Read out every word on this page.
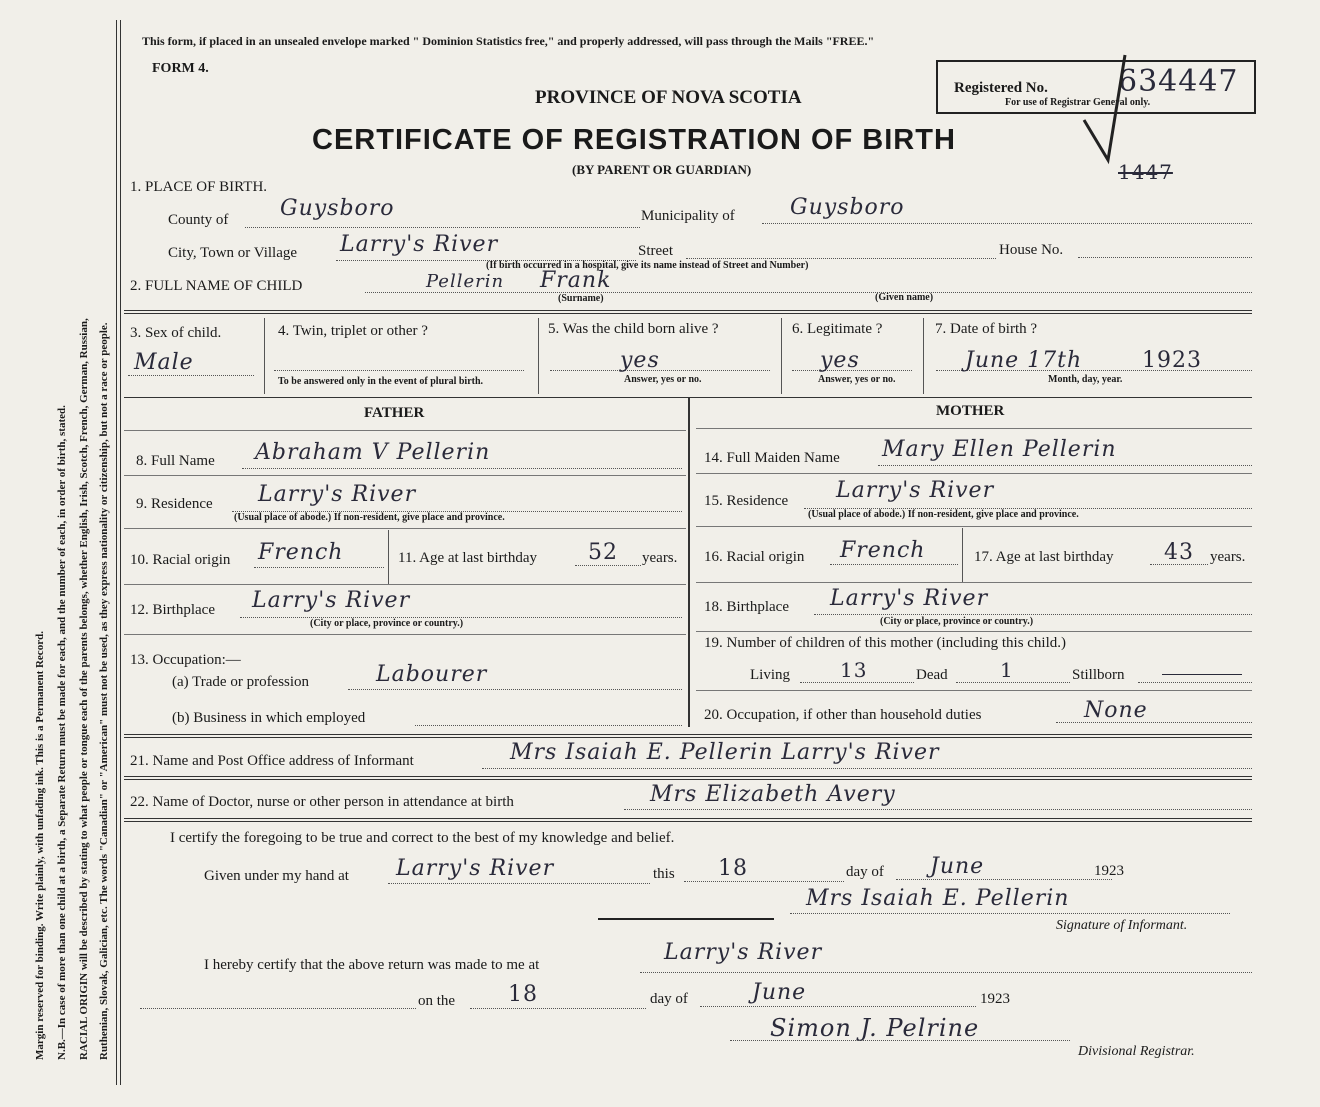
Margin reserved for binding. Write plainly, with unfading ink. This is a Permanent Record. N.B.—In case of more than one child at a birth, a Separate Return must be made for each, and the number of each, in order of birth, stated. RACIAL ORIGIN will be described by stating to what people or tongue each of the parents belongs, whether English, Irish, Scotch, French, German, Russian, Ruthenian, Slovak, Galician, etc. The words "Canadian" or "American" must not be used, as they express nationality or citizenship, but not a race or people.
This form, if placed in an unsealed envelope marked " Dominion Statistics free," and properly addressed, will pass through the Mails "FREE."
FORM 4.
PROVINCE OF NOVA SCOTIA	Registered No.
For use of Registrar General only.
634447
CERTIFICATE OF REGISTRATION OF BIRTH
(BY PARENT OR GUARDIAN)	1447
1. PLACE OF BIRTH.
County of Guysboro	Municipality of	Guysboro
City, Town or Village Larry's River	Street	House No.
(If birth occurred in a hospital, give its name instead of Street and Number)
2. FULL NAME OF CHILD	Pellerin Frank
(Surname)	(Given name)
3. Sex of child.
Male
4. Twin, triplet or other ?
To be answered only in the event of plural birth.
5. Was the child born alive ?
yes
Answer, yes or no.
6. Legitimate ?
yes
Answer, yes or no.
7. Date of birth ?
June 17th	1923
Month, day, year.
FATHER	MOTHER
8. Full Name Abraham V Pellerin
9. Residence Larry's River
(Usual place of abode.) If non-resident, give place and province.
10. Racial origin French	11. Age at last birthday 52 years.
12. Birthplace Larry's River
(City or place, province or country.)
13. Occupation:—
(a) Trade or profession	Labourer
(b) Business in which employed
14. Full Maiden Name Mary Ellen Pellerin
15. Residence Larry's River
(Usual place of abode.) If non-resident, give place and province.
16. Racial origin French	17. Age at last birthday 43 years.
18. Birthplace Larry's River
(City or place, province or country.)
19. Number of children of this mother (including this child.)
Living	13	Dead	1	Stillborn
20. Occupation, if other than household duties	None
21. Name and Post Office address of Informant	Mrs Isaiah E. Pellerin Larry's River
22. Name of Doctor, nurse or other person in attendance at birth	Mrs Elizabeth Avery
I certify the foregoing to be true and correct to the best of my knowledge and belief.
Given under my hand at Larry's River	this 18	day of June	1923
Mrs Isaiah E. Pellerin
Signature of Informant.
I hereby certify that the above return was made to me at	Larry's River
on the 18	day of	June	1923
Simon J. Pelrine
Divisional Registrar.
